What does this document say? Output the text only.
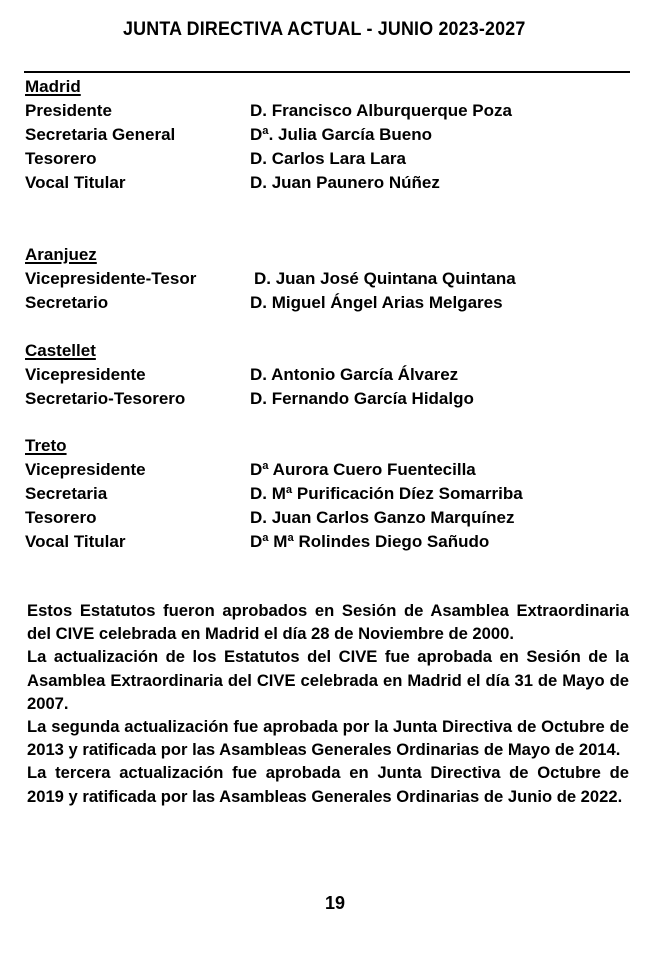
JUNTA DIRECTIVA ACTUAL - JUNIO 2023-2027
Madrid
Presidente	D. Francisco Alburquerque Poza
Secretaria General	Dª. Julia García Bueno
Tesorero	D. Carlos Lara Lara
Vocal Titular	D. Juan Paunero Núñez
Aranjuez
Vicepresidente-Tesor	D. Juan José Quintana Quintana
Secretario	D. Miguel Ángel Arias Melgares
Castellet
Vicepresidente	D. Antonio García Álvarez
Secretario-Tesorero	D. Fernando García Hidalgo
Treto
Vicepresidente	Dª Aurora Cuero Fuentecilla
Secretaria	D. Mª Purificación Díez Somarriba
Tesorero	D. Juan Carlos Ganzo Marquínez
Vocal Titular	Dª Mª Rolindes Diego Sañudo

Estos Estatutos fueron aprobados en Sesión de Asamblea Extraordinaria del CIVE celebrada en Madrid el día 28 de Noviembre de 2000.

La actualización de los Estatutos del CIVE fue aprobada en Sesión de la Asamblea Extraordinaria del CIVE celebrada en Madrid el día 31 de Mayo de 2007.

La segunda actualización fue aprobada por la Junta Directiva de Octubre de 2013 y ratificada por las Asambleas Generales Ordinarias de Mayo de 2014.

La tercera actualización fue aprobada en Junta Directiva de Octubre de 2019 y ratificada por las Asambleas Generales Ordinarias de Junio de 2022.

19
